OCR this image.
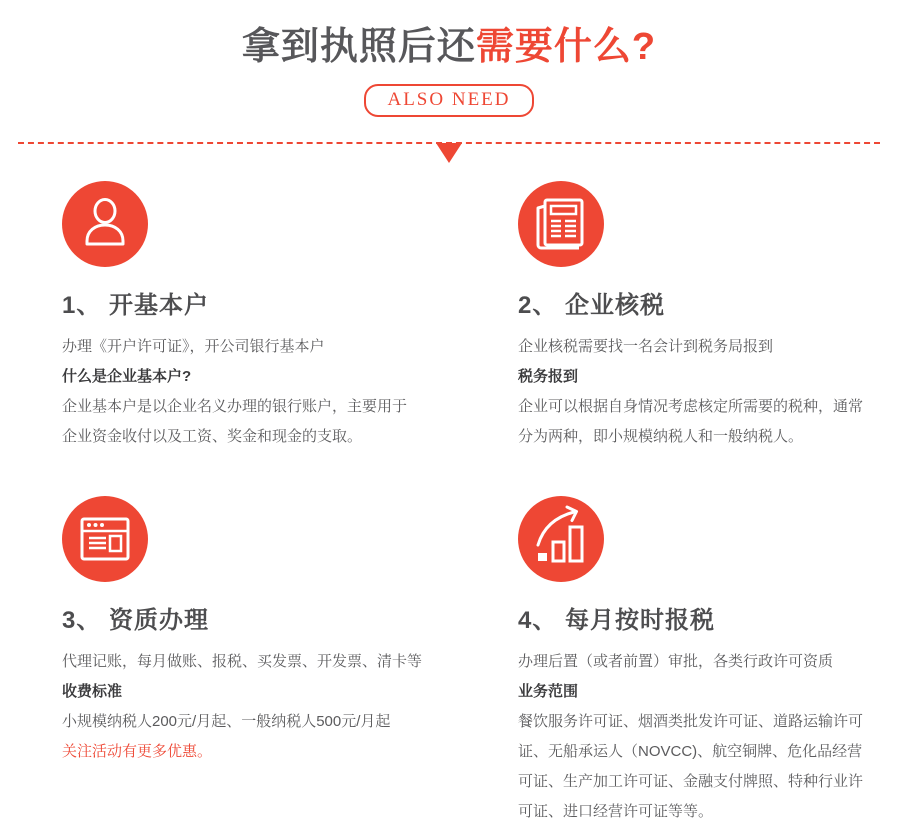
拿到执照后还需要什么?
ALSO NEED
1、 开基本户
办理《开户许可证》，开公司银行基本户
什么是企业基本户?
企业基本户是以企业名义办理的银行账户，主要用于
企业资金收付以及工资、奖金和现金的支取。
2、 企业核税
企业核税需要找一名会计到税务局报到
税务报到
企业可以根据自身情况考虑核定所需要的税种，通常
分为两种，即小规模纳税人和一般纳税人。
3、 资质办理
代理记账，每月做账、报税、买发票、开发票、清卡等
收费标准
小规模纳税人200元/月起、一般纳税人500元/月起
关注活动有更多优惠。
4、 每月按时报税
办理后置（或者前置）审批，各类行政许可资质
业务范围
餐饮服务许可证、烟酒类批发许可证、道路运输许可
证、无船承运人（NOVCC)、航空铜牌、危化品经营
可证、生产加工许可证、金融支付牌照、特种行业许
可证、进口经营许可证等等。
